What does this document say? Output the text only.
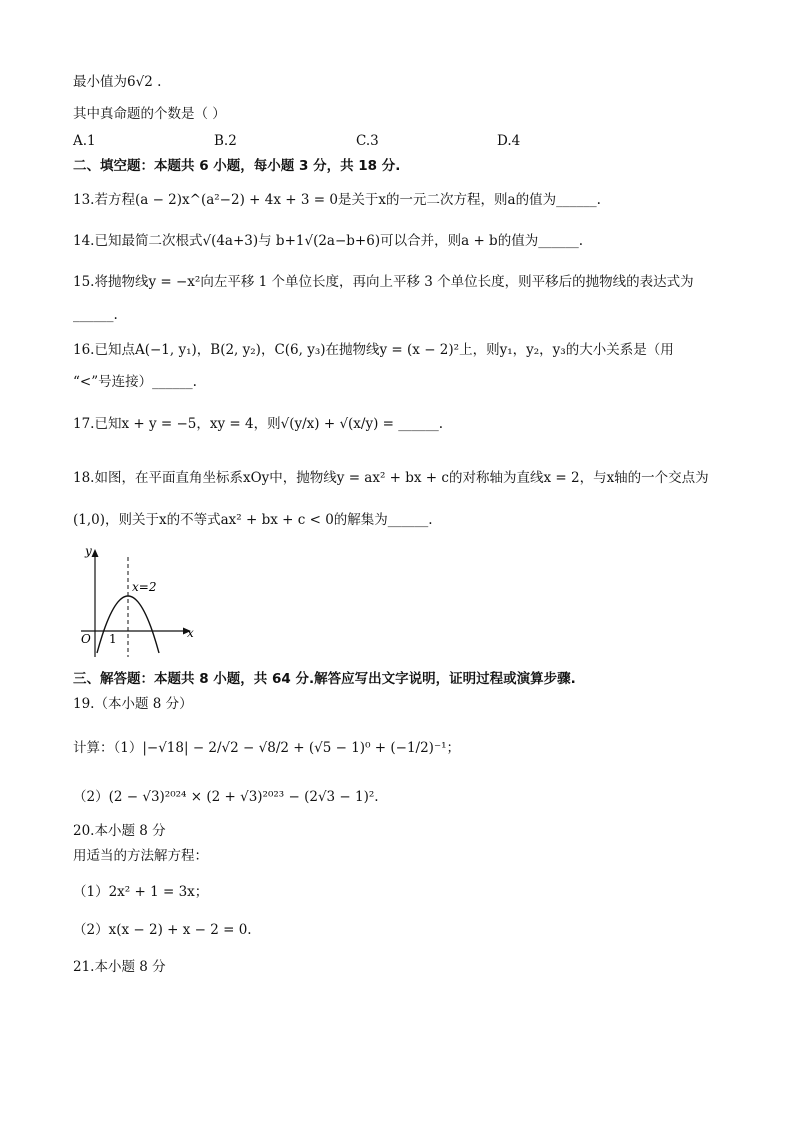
最小值为6√2 .
其中真命题的个数是（ ）
A.1	B.2	C.3	D.4
二、填空题：本题共 6 小题，每小题 3 分，共 18 分.
13.若方程(a − 2)x^(a²−2) + 4x + 3 = 0是关于x的一元二次方程，则a的值为______.
14.已知最简二次根式√(4a+3)与 b+1√(2a−b+6)可以合并，则a + b的值为______.
15.将抛物线y = −x²向左平移 1 个单位长度，再向上平移 3 个单位长度，则平移后的抛物线的表达式为
______.
16.已知点A(−1, y₁)，B(2, y₂)，C(6, y₃)在抛物线y = (x − 2)²上，则y₁，y₂，y₃的大小关系是（用
“<”号连接）______.
17.已知x + y = −5，xy = 4，则√(y/x) + √(x/y) = ______.
18.如图，在平面直角坐标系xOy中，抛物线y = ax² + bx + c的对称轴为直线x = 2，与x轴的一个交点为
(1,0)，则关于x的不等式ax² + bx + c < 0的解集为______.
y
x
O 1
x=2
三、解答题：本题共 8 小题，共 64 分.解答应写出文字说明，证明过程或演算步骤.
19.（本小题 8 分）
计算：（1）|−√18| − 2/√2 − √8/2 + (√5 − 1)⁰ + (−1/2)⁻¹；
（2）(2 − √3)²⁰²⁴ × (2 + √3)²⁰²³ − (2√3 − 1)².
20.本小题 8 分
用适当的方法解方程：
（1）2x² + 1 = 3x；
（2）x(x − 2) + x − 2 = 0.
21.本小题 8 分
